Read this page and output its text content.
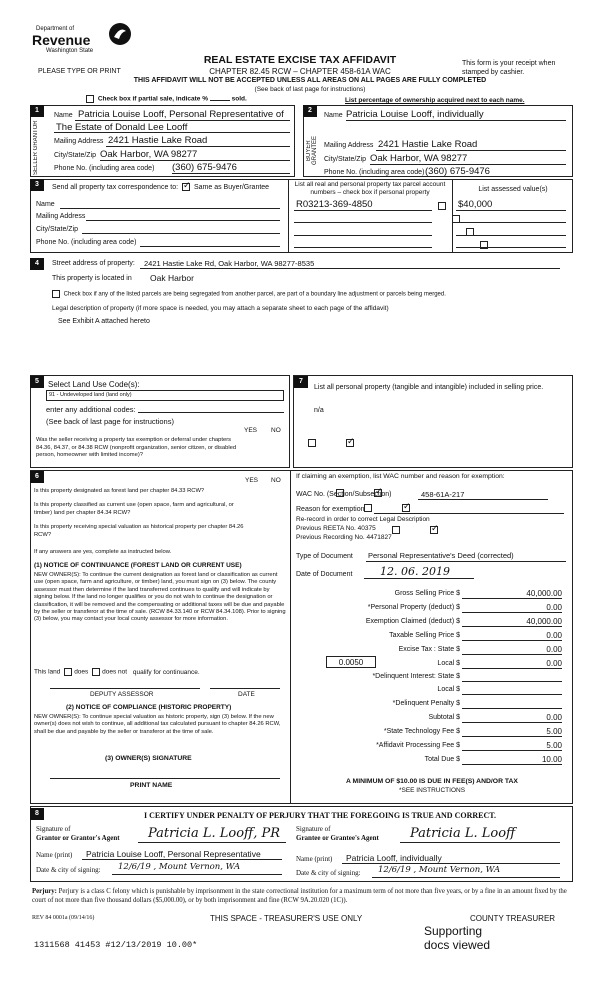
Department of
Revenue
Washington State
PLEASE TYPE OR PRINT
REAL ESTATE EXCISE TAX AFFIDAVIT
CHAPTER 82.45 RCW – CHAPTER 458-61A WAC
THIS AFFIDAVIT WILL NOT BE ACCEPTED UNLESS ALL AREAS ON ALL PAGES ARE FULLY COMPLETED
(See back of last page for instructions)
This form is your receipt when stamped by cashier.
Check box if partial sale, indicate %	sold.	List percentage of ownership acquired next to each name.
1
SELLER GRANTOR
Name Patricia Louise Looff, Personal Representative of
The Estate of Donald Lee Looff
Mailing Address 2421 Hastie Lake Road
City/State/Zip Oak Harbor, WA 98277
Phone No. (including area code) (360) 675-9476
2
BUYER GRANTEE
Name Patricia Louise Looff, individually
Mailing Address 2421 Hastie Lake Road
City/State/Zip Oak Harbor, WA 98277
Phone No. (including area code) (360) 675-9476
3	Send all property tax correspondence to: ✓ Same as Buyer/Grantee	List all real and personal property tax parcel account numbers – check box if personal property	List assessed value(s)
Name
Mailing Address
City/State/Zip
Phone No. (including area code)
R03213-369-4850
	$40,000

4	Street address of property: 2421 Hastie Lake Rd, Oak Harbor, WA 98277-8535
This property is located in Oak Harbor
Check box if any of the listed parcels are being segregated from another parcel, are part of a boundary line adjustment or parcels being merged.
Legal description of property (if more space is needed, you may attach a separate sheet to each page of the affidavit)
See Exhibit A attached hereto
5	Select Land Use Code(s):
91 - Undeveloped land (land only)
enter any additional codes:
(See back of last page for instructions)
YES NO
Was the seller receiving a property tax exemption or deferral under chapters 84.36, 84.37, or 84.38 RCW (nonprofit organization, senior citizen, or disabled person, homeowner with limited income)?
✓
7
List all personal property (tangible and intangible) included in selling price.
n/a
6
YES NO
Is this property designated as forest land per chapter 84.33 RCW?
✓
Is this property classified as current use (open space, farm and agricultural, or timber) land per chapter 84.34 RCW?
✓
Is this property receiving special valuation as historical property per chapter 84.26 RCW?
✓
If any answers are yes, complete as instructed below.
(1) NOTICE OF CONTINUANCE (FOREST LAND OR CURRENT USE)
NEW OWNER(S): To continue the current designation as forest land or classification as current use (open space, farm and agriculture, or timber) land, you must sign on (3) below. The county assessor must then determine if the land transferred continues to qualify and will indicate by signing below. If the land no longer qualifies or you do not wish to continue the designation or classification, it will be removed and the compensating or additional taxes will be due and payable by the seller or transferor at the time of sale. (RCW 84.33.140 or RCW 84.34.108). Prior to signing (3) below, you may contact your local county assessor for more information.
This land does does not qualify for continuance.
DEPUTY ASSESSOR	DATE
(2) NOTICE OF COMPLIANCE (HISTORIC PROPERTY)
NEW OWNER(S): To continue special valuation as historic property, sign (3) below. If the new owner(s) does not wish to continue, all additional tax calculated pursuant to chapter 84.26 RCW, shall be due and payable by the seller or transferor at the time of sale.
(3) OWNER(S) SIGNATURE
PRINT NAME
If claiming an exemption, list WAC number and reason for exemption:
WAC No. (Section/Subsection)	458-61A-217
Reason for exemption
Re-record in order to correct Legal Description
Previous REETA No. 40375
Previous Recording No. 4471827
Type of Document Personal Representative's Deed (corrected)
Date of Document	12. 06. 2019
Gross Selling Price $	40,000.00
*Personal Property (deduct) $	0.00
Exemption Claimed (deduct) $	40,000.00
Taxable Selling Price $	0.00
Excise Tax : State $	0.00
0.0050	Local $	0.00
*Delinquent Interest: State $
Local $
*Delinquent Penalty $
Subtotal $	0.00
*State Technology Fee $	5.00
*Affidavit Processing Fee $	5.00
Total Due $	10.00
A MINIMUM OF $10.00 IS DUE IN FEE(S) AND/OR TAX
*SEE INSTRUCTIONS
8	I CERTIFY UNDER PENALTY OF PERJURY THAT THE FOREGOING IS TRUE AND CORRECT.
Signature of
Grantor or Grantor's Agent Patricia L. Looff, PR
Name (print) Patricia Louise Looff, Personal Representative
Date & city of signing: 12/6/19 , Mount Vernon, WA
Signature of
Grantee or Grantee's Agent Patricia L. Looff
Name (print) Patricia Looff, individually
Date & city of signing: 12/6/19 , Mount Vernon, WA
Perjury: Perjury is a class C felony which is punishable by imprisonment in the state correctional institution for a maximum term of not more than five years, or by a fine in an amount fixed by the court of not more than five thousand dollars ($5,000.00), or by both imprisonment and fine (RCW 9A.20.020 (1C)).
REV 84 0001a (09/14/16)	THIS SPACE - TREASURER'S USE ONLY	COUNTY TREASURER
1311568 41453 #12/13/2019 10.00*
Supporting
docs viewed
